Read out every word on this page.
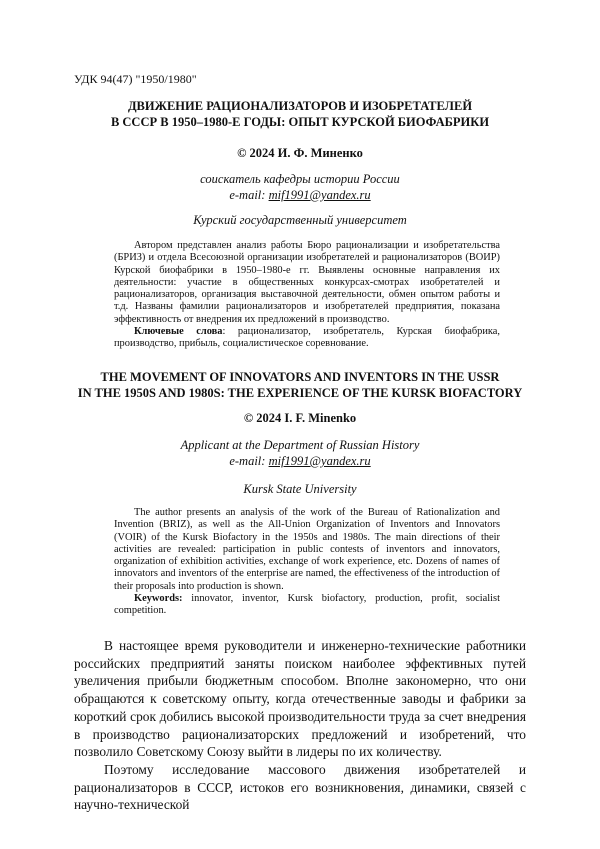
УДК 94(47) "1950/1980"
ДВИЖЕНИЕ РАЦИОНАЛИЗАТОРОВ И ИЗОБРЕТАТЕЛЕЙ
В СССР В 1950–1980-Е ГОДЫ: ОПЫТ КУРСКОЙ БИОФАБРИКИ
© 2024 И. Ф. Миненко
соискатель кафедры истории России
e-mail: mif1991@yandex.ru
Курский государственный университет

Автором представлен анализ работы Бюро рационализации и изобретательства (БРИЗ) и отдела Всесоюзной организации изобретателей и рационализаторов (ВОИР) Курской биофабрики в 1950–1980-е гг. Выявлены основные направления их деятельности: участие в общественных конкурсах-смотрах изобретателей и рационализаторов, организация выставочной деятельности, обмен опытом работы и т.д. Названы фамилии рационализаторов и изобретателей предприятия, показана эффективность от внедрения их предложений в производство.

Ключевые слова: рационализатор, изобретатель, Курская биофабрика, производство, прибыль, социалистическое соревнование.

THE MOVEMENT OF INNOVATORS AND INVENTORS IN THE USSR
IN THE 1950S AND 1980S: THE EXPERIENCE OF THE KURSK BIOFACTORY
© 2024 I. F. Minenko
Applicant at the Department of Russian History
e-mail: mif1991@yandex.ru
Kursk State University

The author presents an analysis of the work of the Bureau of Rationalization and Invention (BRIZ), as well as the All-Union Organization of Inventors and Innovators (VOIR) of the Kursk Biofactory in the 1950s and 1980s. The main directions of their activities are revealed: participation in public contests of inventors and innovators, organization of exhibition activities, exchange of work experience, etc. Dozens of names of innovators and inventors of the enterprise are named, the effectiveness of the introduction of their proposals into production is shown.

Keywords: innovator, inventor, Kursk biofactory, production, profit, socialist competition.

В настоящее время руководители и инженерно-технические работники российских предприятий заняты поиском наиболее эффективных путей увеличения прибыли бюджетным способом. Вполне закономерно, что они обращаются к советскому опыту, когда отечественные заводы и фабрики за короткий срок добились высокой производительности труда за счет внедрения в производство рационализаторских предложений и изобретений, что позволило Советскому Союзу выйти в лидеры по их количеству.

Поэтому исследование массового движения изобретателей и рационализаторов в СССР, истоков его возникновения, динамики, связей с научно-технической
